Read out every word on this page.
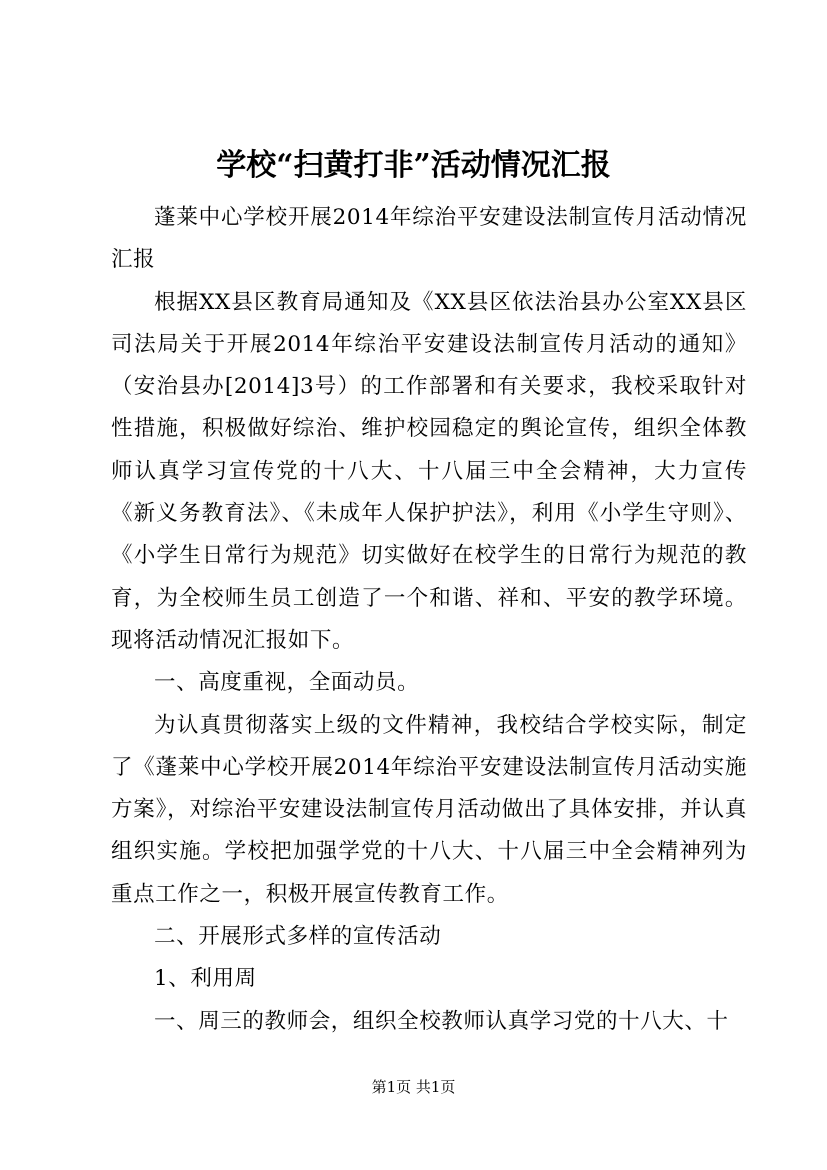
学校“扫黄打非”活动情况汇报

蓬莱中心学校开展2014年综治平安建设法制宣传月活动情况汇报

根据XX县区教育局通知及《XX县区依法治县办公室XX县区司法局关于开展2014年综治平安建设法制宣传月活动的通知》（安治县办[2014]3号）的工作部署和有关要求，我校采取针对性措施，积极做好综治、维护校园稳定的舆论宣传，组织全体教师认真学习宣传党的十八大、十八届三中全会精神，大力宣传《新义务教育法》、《未成年人保护护法》，利用《小学生守则》、《小学生日常行为规范》切实做好在校学生的日常行为规范的教育，为全校师生员工创造了一个和谐、祥和、平安的教学环境。现将活动情况汇报如下。

一、高度重视，全面动员。

为认真贯彻落实上级的文件精神，我校结合学校实际，制定了《蓬莱中心学校开展2014年综治平安建设法制宣传月活动实施方案》，对综治平安建设法制宣传月活动做出了具体安排，并认真组织实施。学校把加强学党的十八大、十八届三中全会精神列为重点工作之一，积极开展宣传教育工作。

二、开展形式多样的宣传活动

1、利用周

一、周三的教师会，组织全校教师认真学习党的十八大、十

第1页 共1页
